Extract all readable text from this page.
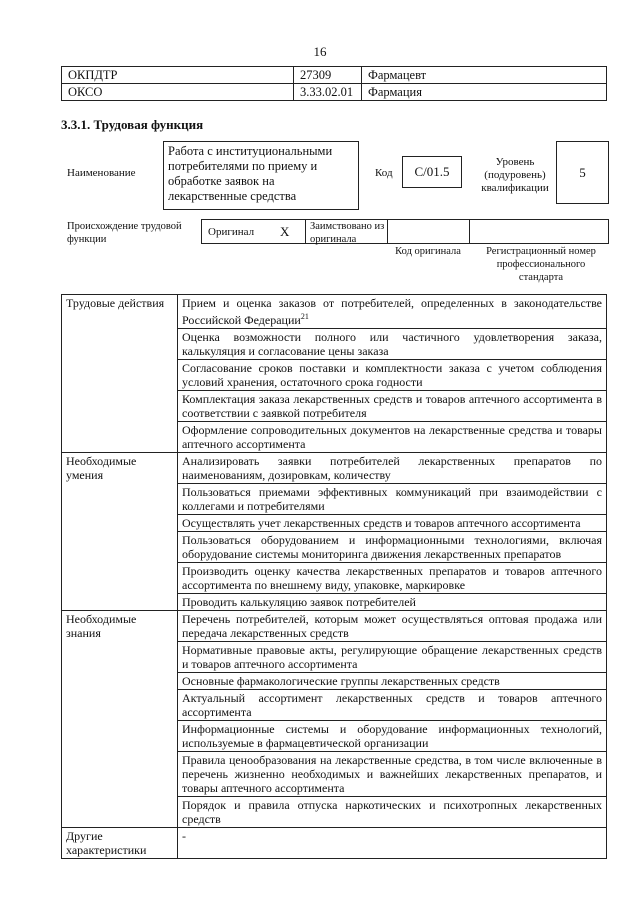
16
ОКПДТР	27309	Фармацевт
ОКСО	3.33.02.01	Фармация
3.3.1. Трудовая функция
Наименование
Работа с институциональными потребителями по приему и обработке заявок на лекарственные средства
Код	C/01.5
Уровень (подуровень) квалификации
5
Происхождение трудовой функции
Оригинал X Заимствовано из оригинала
Код оригинала	Регистрационный номер профессионального стандарта
Трудовые действия	Прием и оценка заказов от потребителей, определенных в законодательстве Российской Федерации$^{21}$
	Оценка возможности полного или частичного удовлетворения заказа, калькуляция и согласование цены заказа
	Согласование сроков поставки и комплектности заказа с учетом соблюдения условий хранения, остаточного срока годности
	Комплектация заказа лекарственных средств и товаров аптечного ассортимента в соответствии с заявкой потребителя
	Оформление сопроводительных документов на лекарственные средства и товары аптечного ассортимента
Необходимые умения	Анализировать заявки потребителей лекарственных препаратов по наименованиям, дозировкам, количеству
	Пользоваться приемами эффективных коммуникаций при взаимодействии с коллегами и потребителями
	Осуществлять учет лекарственных средств и товаров аптечного ассортимента
	Пользоваться оборудованием и информационными технологиями, включая оборудование системы мониторинга движения лекарственных препаратов
	Производить оценку качества лекарственных препаратов и товаров аптечного ассортимента по внешнему виду, упаковке, маркировке
	Проводить калькуляцию заявок потребителей
Необходимые знания	Перечень потребителей, которым может осуществляться оптовая продажа или передача лекарственных средств
	Нормативные правовые акты, регулирующие обращение лекарственных средств и товаров аптечного ассортимента
	Основные фармакологические группы лекарственных средств
	Актуальный ассортимент лекарственных средств и товаров аптечного ассортимента
	Информационные системы и оборудование информационных технологий, используемые в фармацевтической организации
	Правила ценообразования на лекарственные средства, в том числе включенные в перечень жизненно необходимых и важнейших лекарственных препаратов, и товары аптечного ассортимента
	Порядок и правила отпуска наркотических и психотропных лекарственных средств
Другие характеристики	-
